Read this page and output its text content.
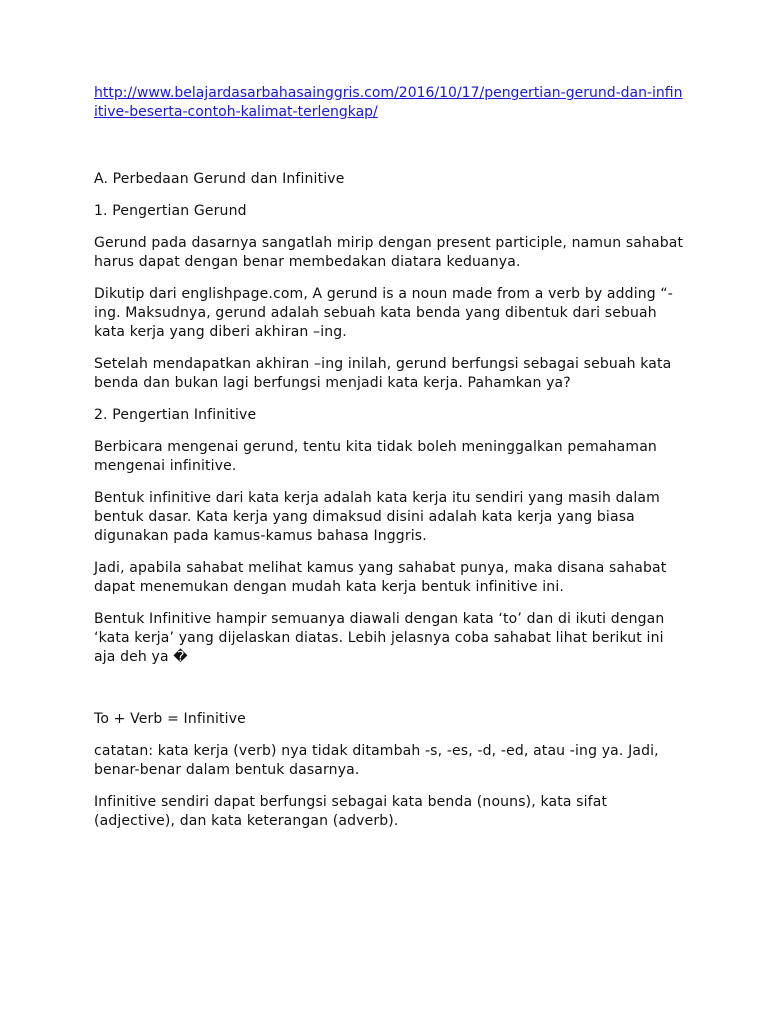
http://www.belajardasarbahasainggris.com/2016/10/17/pengertian-gerund-dan-infinitive-beserta-contoh-kalimat-terlengkap/

A. Perbedaan Gerund dan Infinitive

1. Pengertian Gerund

Gerund pada dasarnya sangatlah mirip dengan present participle, namun sahabat harus dapat dengan benar membedakan diatara keduanya.

Dikutip dari englishpage.com, A gerund is a noun made from a verb by adding “-ing. Maksudnya, gerund adalah sebuah kata benda yang dibentuk dari sebuah kata kerja yang diberi akhiran –ing.

Setelah mendapatkan akhiran –ing inilah, gerund berfungsi sebagai sebuah kata benda dan bukan lagi berfungsi menjadi kata kerja. Pahamkan ya?

2. Pengertian Infinitive

Berbicara mengenai gerund, tentu kita tidak boleh meninggalkan pemahaman mengenai infinitive.

Bentuk infinitive dari kata kerja adalah kata kerja itu sendiri yang masih dalam bentuk dasar. Kata kerja yang dimaksud disini adalah kata kerja yang biasa digunakan pada kamus-kamus bahasa Inggris.

Jadi, apabila sahabat melihat kamus yang sahabat punya, maka disana sahabat dapat menemukan dengan mudah kata kerja bentuk infinitive ini.

Bentuk Infinitive hampir semuanya diawali dengan kata ‘to’ dan di ikuti dengan ‘kata kerja’ yang dijelaskan diatas. Lebih jelasnya coba sahabat lihat berikut ini aja deh ya �

To + Verb = Infinitive

catatan: kata kerja (verb) nya tidak ditambah -s, -es, -d, -ed, atau -ing ya. Jadi, benar-benar dalam bentuk dasarnya.

Infinitive sendiri dapat berfungsi sebagai kata benda (nouns), kata sifat (adjective), dan kata keterangan (adverb).
